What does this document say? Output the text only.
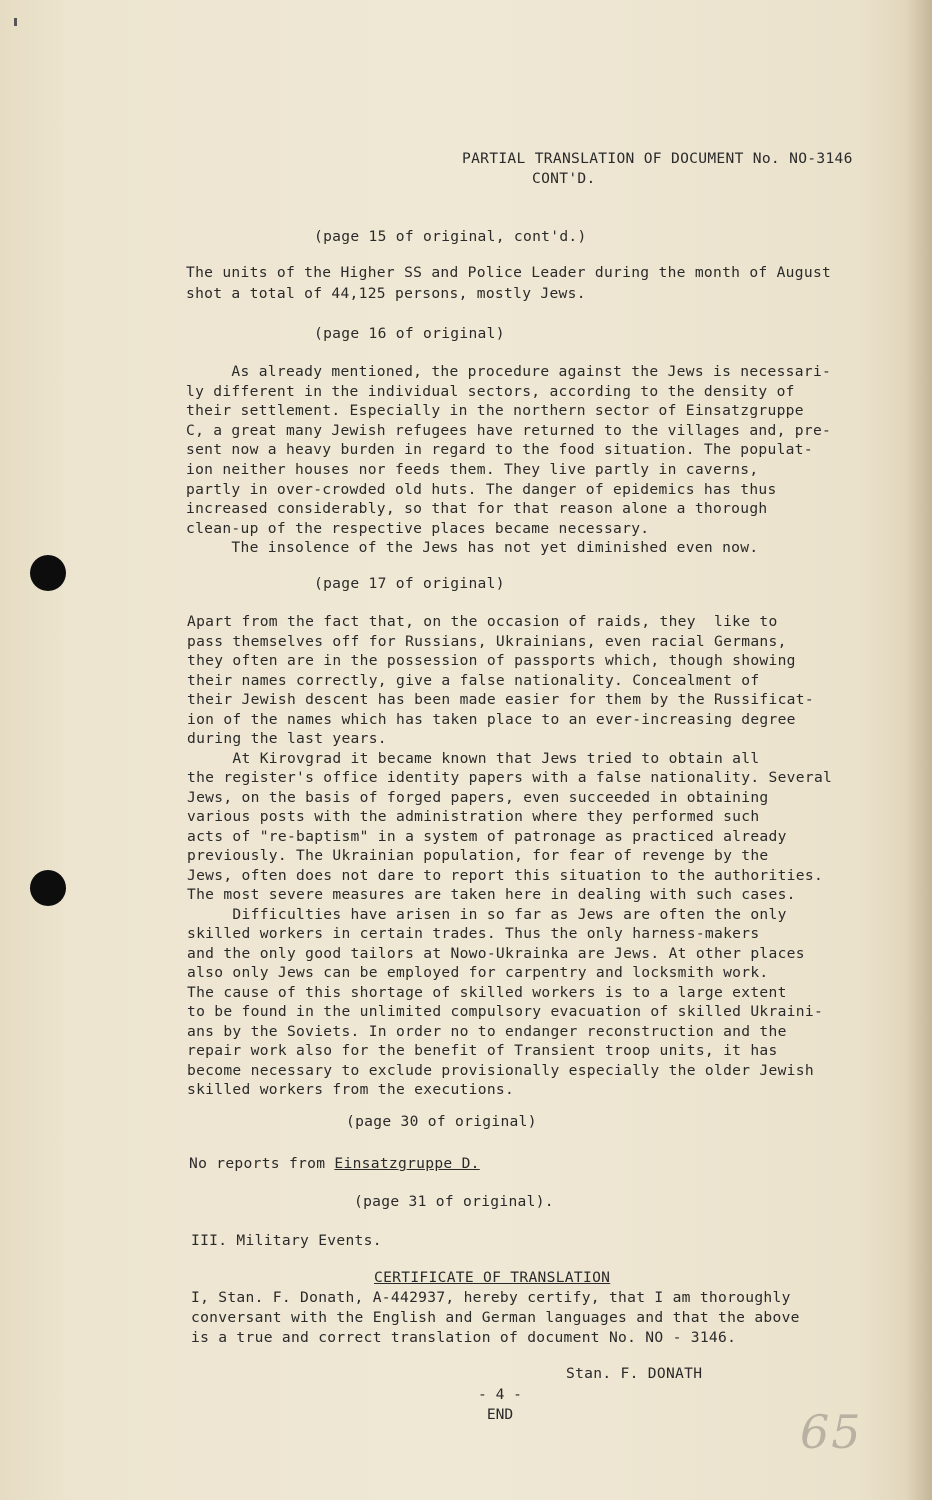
PARTIAL TRANSLATION OF DOCUMENT No. NO-3146
CONT'D.
(page 15 of original, cont'd.)
The units of the Higher SS and Police Leader during the month of August
shot a total of 44,125 persons, mostly Jews.
(page 16 of original)
As already mentioned, the procedure against the Jews is necessari-
ly different in the individual sectors, according to the density of
their settlement. Especially in the northern sector of Einsatzgruppe
C, a great many Jewish refugees have returned to the villages and, pre-
sent now a heavy burden in regard to the food situation. The populat-
ion neither houses nor feeds them. They live partly in caverns,
partly in over-crowded old huts. The danger of epidemics has thus
increased considerably, so that for that reason alone a thorough
clean-up of the respective places became necessary.
The insolence of the Jews has not yet diminished even now.
(page 17 of original)
Apart from the fact that, on the occasion of raids, they  like to
pass themselves off for Russians, Ukrainians, even racial Germans,
they often are in the possession of passports which, though showing
their names correctly, give a false nationality. Concealment of
their Jewish descent has been made easier for them by the Russificat-
ion of the names which has taken place to an ever-increasing degree
during the last years.
At Kirovgrad it became known that Jews tried to obtain all
the register's office identity papers with a false nationality. Several
Jews, on the basis of forged papers, even succeeded in obtaining
various posts with the administration where they performed such
acts of "re-baptism" in a system of patronage as practiced already
previously. The Ukrainian population, for fear of revenge by the
Jews, often does not dare to report this situation to the authorities.
The most severe measures are taken here in dealing with such cases.
Difficulties have arisen in so far as Jews are often the only
skilled workers in certain trades. Thus the only harness-makers
and the only good tailors at Nowo-Ukrainka are Jews. At other places
also only Jews can be employed for carpentry and locksmith work.
The cause of this shortage of skilled workers is to a large extent
to be found in the unlimited compulsory evacuation of skilled Ukraini-
ans by the Soviets. In order no to endanger reconstruction and the
repair work also for the benefit of Transient troop units, it has
become necessary to exclude provisionally especially the older Jewish
skilled workers from the executions.
(page 30 of original)
No reports from Einsatzgruppe D.
(page 31 of original).
III. Military Events.
CERTIFICATE OF TRANSLATION
I, Stan. F. Donath, A-442937, hereby certify, that I am thoroughly
conversant with the English and German languages and that the above
is a true and correct translation of document No. NO - 3146.
Stan. F. DONATH
- 4 -
END	65
